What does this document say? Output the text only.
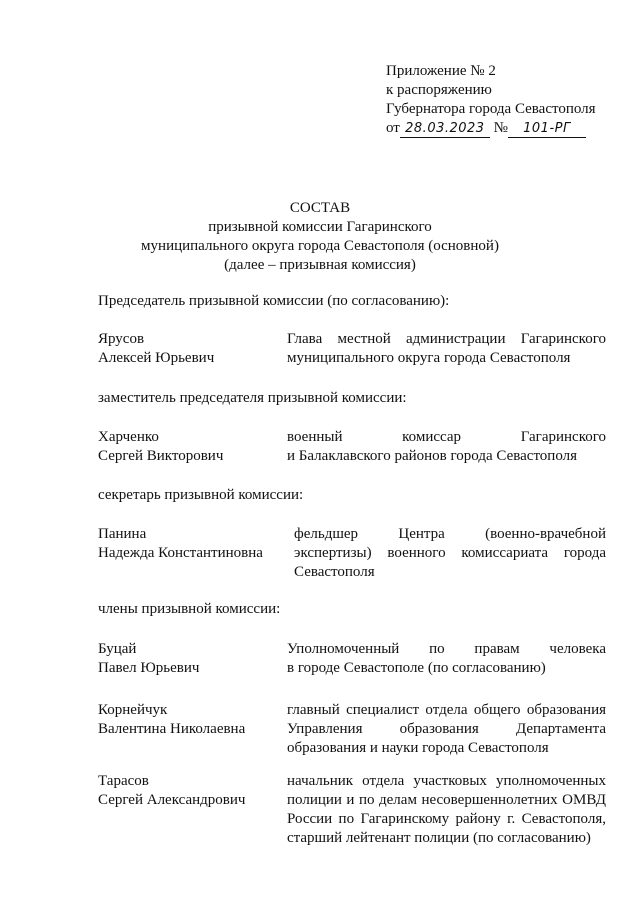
Приложение № 2
к распоряжению
Губернатора города Севастополя
от 28.03.2023 № 101-РГ
СОСТАВ
призывной комиссии Гагаринского
муниципального округа города Севастополя (основной)
(далее – призывная комиссия)
Председатель призывной комиссии (по согласованию):
Ярусов
Алексей Юрьевич
Глава местной администрации Гагаринского
муниципального округа города Севастополя
заместитель председателя призывной комиссии:
Харченко
Сергей Викторович
военный комиссар Гагаринского
и Балаклавского районов города Севастополя
секретарь призывной комиссии:
Панина
Надежда Константиновна
фельдшер Центра (военно-врачебной
экспертизы) военного комиссариата города
Севастополя
члены призывной комиссии:
Буцай
Павел Юрьевич
Уполномоченный по правам человека
в городе Севастополе (по согласованию)
Корнейчук
Валентина Николаевна
главный специалист отдела общего образования
Управления образования Департамента
образования и науки города Севастополя
Тарасов
Сергей Александрович
начальник отдела участковых уполномоченных
полиции и по делам несовершеннолетних ОМВД
России по Гагаринскому району г. Севастополя,
старший лейтенант полиции (по согласованию)
